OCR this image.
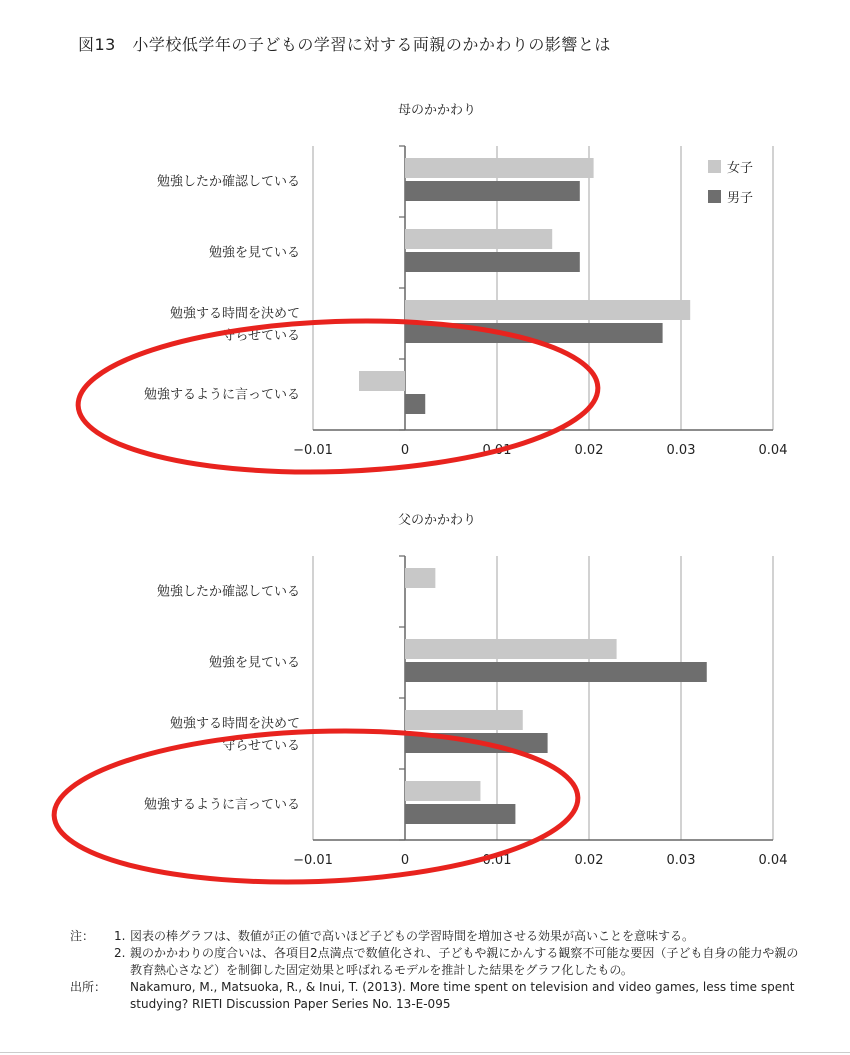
図13　小学校低学年の子どもの学習に対する両親のかかわりの影響とは
母のかかわり
−0.01	0	0.01	0.02	0.03	0.04
勉強したか確認している
勉強を見ている
勉強する時間を決めて
守らせている
勉強するように言っている
女子
男子
父のかかわり
−0.01	0	0.01	0.02	0.03	0.04
勉強したか確認している
勉強を見ている
勉強する時間を決めて
守らせている
勉強するように言っている
注：	1. 図表の棒グラフは、数値が正の値で高いほど子どもの学習時間を増加させる効果が高いことを意味する。
2. 親のかかわりの度合いは、各項目2点満点で数値化され、子どもや親にかんする観察不可能な要因（子ども自身の能力や親の教育熱心さなど）を制御した固定効果と呼ばれるモデルを推計した結果をグラフ化したもの。
出所：	Nakamuro, M., Matsuoka, R., & Inui, T. (2013). More time spent on television and video games, less time spent studying? RIETI Discussion Paper Series No. 13-E-095
